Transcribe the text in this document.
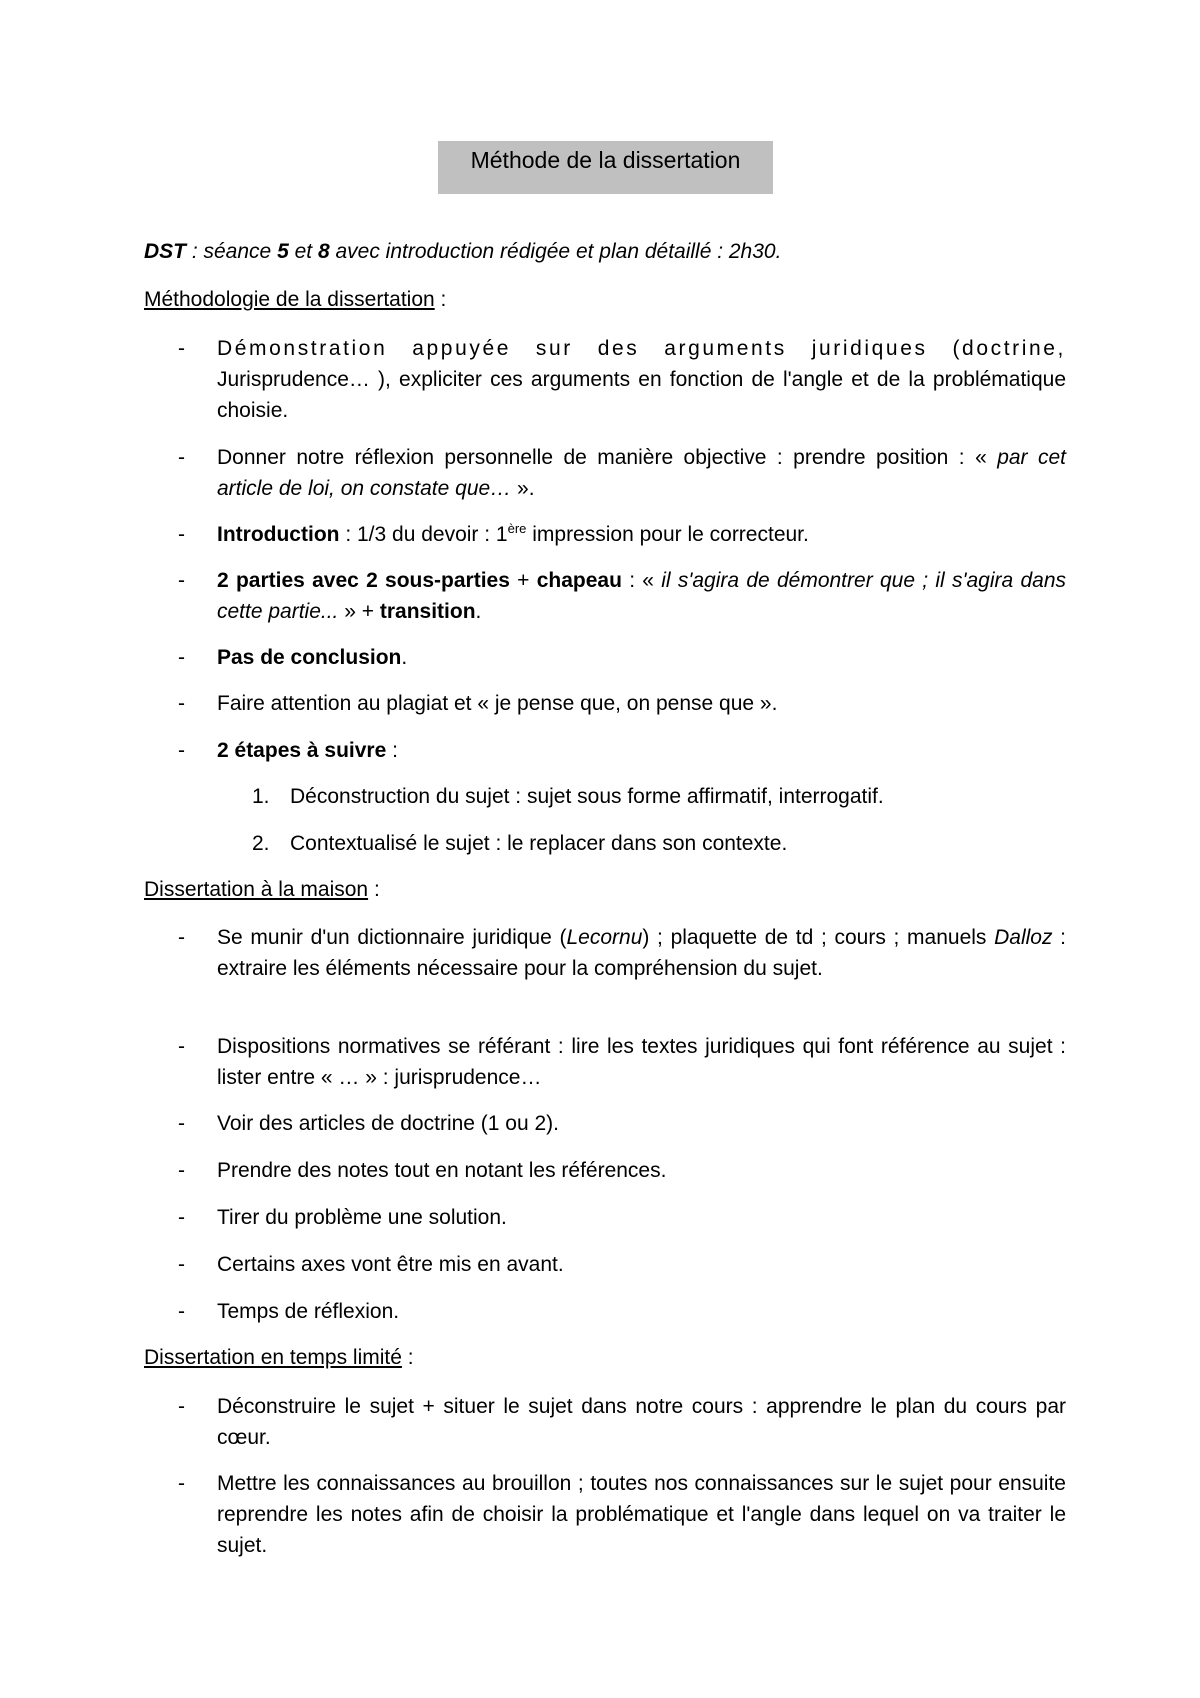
Méthode de la dissertation
DST : séance 5 et 8 avec introduction rédigée et plan détaillé : 2h30.
Méthodologie de la dissertation :
-	Démonstration appuyée sur des arguments juridiques (doctrine, Jurisprudence… ), expliciter ces arguments en fonction de l'angle et de la problématique choisie.
-	Donner notre réflexion personnelle de manière objective : prendre position : « par cet article de loi, on constate que… ».
-	Introduction : 1/3 du devoir : 1ère impression pour le correcteur.
-	2 parties avec 2 sous-parties + chapeau : « il s'agira de démontrer que ; il s'agira dans cette partie... » + transition.
-	Pas de conclusion.
-	Faire attention au plagiat et « je pense que, on pense que ».
-	2 étapes à suivre :
1. Déconstruction du sujet : sujet sous forme affirmatif, interrogatif.
2. Contextualisé le sujet : le replacer dans son contexte.
Dissertation à la maison :
-	Se munir d'un dictionnaire juridique (Lecornu) ; plaquette de td ; cours ; manuels Dalloz : extraire les éléments nécessaire pour la compréhension du sujet.
-	Dispositions normatives se référant : lire les textes juridiques qui font référence au sujet : lister entre « … » : jurisprudence…
-	Voir des articles de doctrine (1 ou 2).
-	Prendre des notes tout en notant les références.
-	Tirer du problème une solution.
-	Certains axes vont être mis en avant.
-	Temps de réflexion.
Dissertation en temps limité :
-	Déconstruire le sujet + situer le sujet dans notre cours : apprendre le plan du cours par cœur.
-	Mettre les connaissances au brouillon ; toutes nos connaissances sur le sujet pour ensuite reprendre les notes afin de choisir la problématique et l'angle dans lequel on va traiter le sujet.
